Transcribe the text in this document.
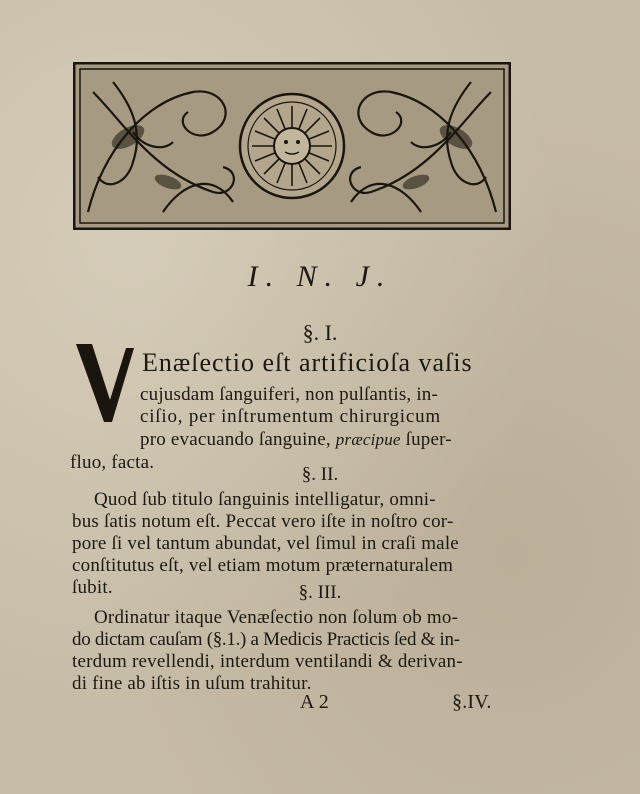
I. N. J.
§. I.
Enæſectio eſt artificioſa vaſis
cujusdam ſanguiferi, non pulſantis, in-
ciſio, per inſtrumentum chirurgicum
pro evacuando ſanguine, præcipue ſuper-
fluo, facta.
§. II.
Quod ſub titulo ſanguinis intelligatur, omni-
bus ſatis notum eſt. Peccat vero iſte in noſtro cor-
pore ſi vel tantum abundat, vel ſimul in craſi male
conſtitutus eſt, vel etiam motum præternaturalem
ſubit.	§. III.
Ordinatur itaque Venæſectio non ſolum ob mo-
do dictam cauſam (§.1.) a Medicis Practicis ſed & in-
terdum revellendi, interdum ventilandi & derivan-
di fine ab iſtis in uſum trahitur.
A 2	§.IV.
